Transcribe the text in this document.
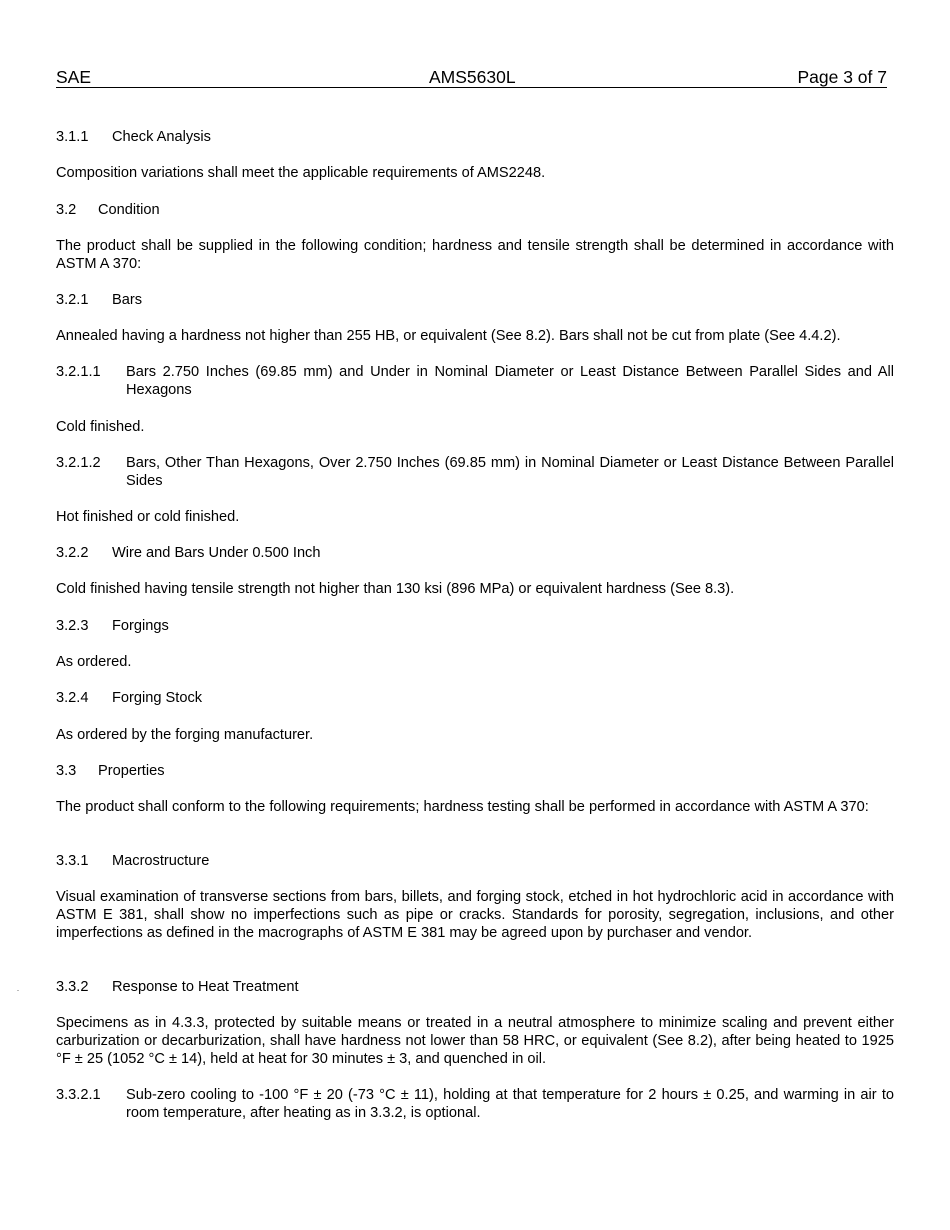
SAE	AMS5630L	Page 3 of 7
3.1.1 Check Analysis
Composition variations shall meet the applicable requirements of AMS2248.
3.2 Condition
The product shall be supplied in the following condition; hardness and tensile strength shall be determined in accordance with ASTM A 370:
3.2.1 Bars
Annealed having a hardness not higher than 255 HB, or equivalent (See 8.2). Bars shall not be cut from plate (See 4.4.2).
3.2.1.1 Bars 2.750 Inches (69.85 mm) and Under in Nominal Diameter or Least Distance Between Parallel Sides and All Hexagons
Cold finished.
3.2.1.2 Bars, Other Than Hexagons, Over 2.750 Inches (69.85 mm) in Nominal Diameter or Least Distance Between Parallel Sides
Hot finished or cold finished.
3.2.2 Wire and Bars Under 0.500 Inch
Cold finished having tensile strength not higher than 130 ksi (896 MPa) or equivalent hardness (See 8.3).
3.2.3 Forgings
As ordered.
3.2.4 Forging Stock
As ordered by the forging manufacturer.
3.3 Properties
The product shall conform to the following requirements; hardness testing shall be performed in accordance with ASTM A 370:
3.3.1 Macrostructure
Visual examination of transverse sections from bars, billets, and forging stock, etched in hot hydrochloric acid in accordance with ASTM E 381, shall show no imperfections such as pipe or cracks. Standards for porosity, segregation, inclusions, and other imperfections as defined in the macrographs of ASTM E 381 may be agreed upon by purchaser and vendor.
3.3.2 Response to Heat Treatment
Specimens as in 4.3.3, protected by suitable means or treated in a neutral atmosphere to minimize scaling and prevent either carburization or decarburization, shall have hardness not lower than 58 HRC, or equivalent (See 8.2), after being heated to 1925 °F ± 25 (1052 °C ± 14), held at heat for 30 minutes ± 3, and quenched in oil.
3.3.2.1 Sub-zero cooling to -100 °F ± 20 (-73 °C ± 11), holding at that temperature for 2 hours ± 0.25, and warming in air to room temperature, after heating as in 3.3.2, is optional.
